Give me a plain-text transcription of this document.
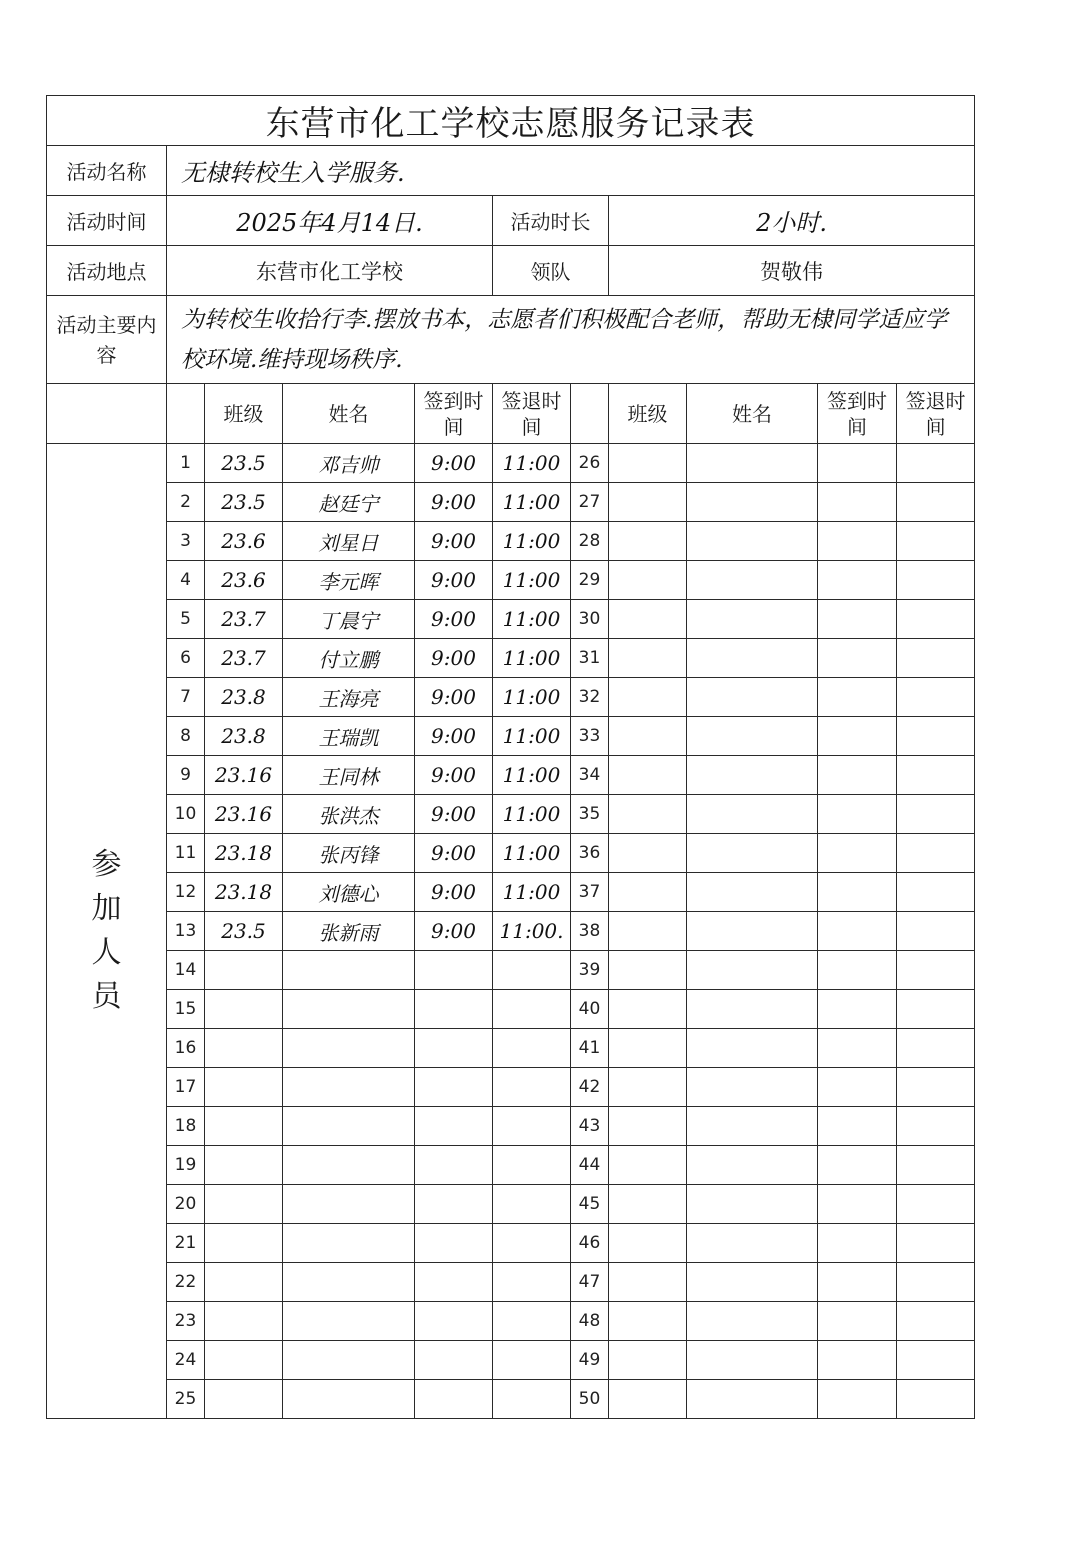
东营市化工学校志愿服务记录表										
活动名称	无棣转校生入学服务.									
活动时间	2025年4月14日.				活动时长		2小时.			
活动地点	东营市化工学校				领队		贺敬伟			
活动主要内容	为转校生收拾行李.摆放书本，志愿者们积极配合老师，帮助无棣同学适应学校环境.维持现场秩序.									
		班级	姓名	签到时间	签退时间		班级	姓名	签到时间	签退时间

参
加
人
员	1	23.5	邓吉帅	9:00	11:00	26				
	2	23.5	赵廷宁	9:00	11:00	27				
	3	23.6	刘星日	9:00	11:00	28				
	4	23.6	李元晖	9:00	11:00	29				
	5	23.7	丁晨宁	9:00	11:00	30				
	6	23.7	付立鹏	9:00	11:00	31				
	7	23.8	王海亮	9:00	11:00	32				
	8	23.8	王瑞凯	9:00	11:00	33				
	9	23.16	王同林	9:00	11:00	34				
	10	23.16	张洪杰	9:00	11:00	35				
	11	23.18	张丙锋	9:00	11:00	36				
	12	23.18	刘德心	9:00	11:00	37				
	13	23.5	张新雨	9:00	11:00.	38				
	14					39				
	15					40				
	16					41				
	17					42				
	18					43				
	19					44				
	20					45				
	21					46				
	22					47				
	23					48				
	24					49				
	25					50				
